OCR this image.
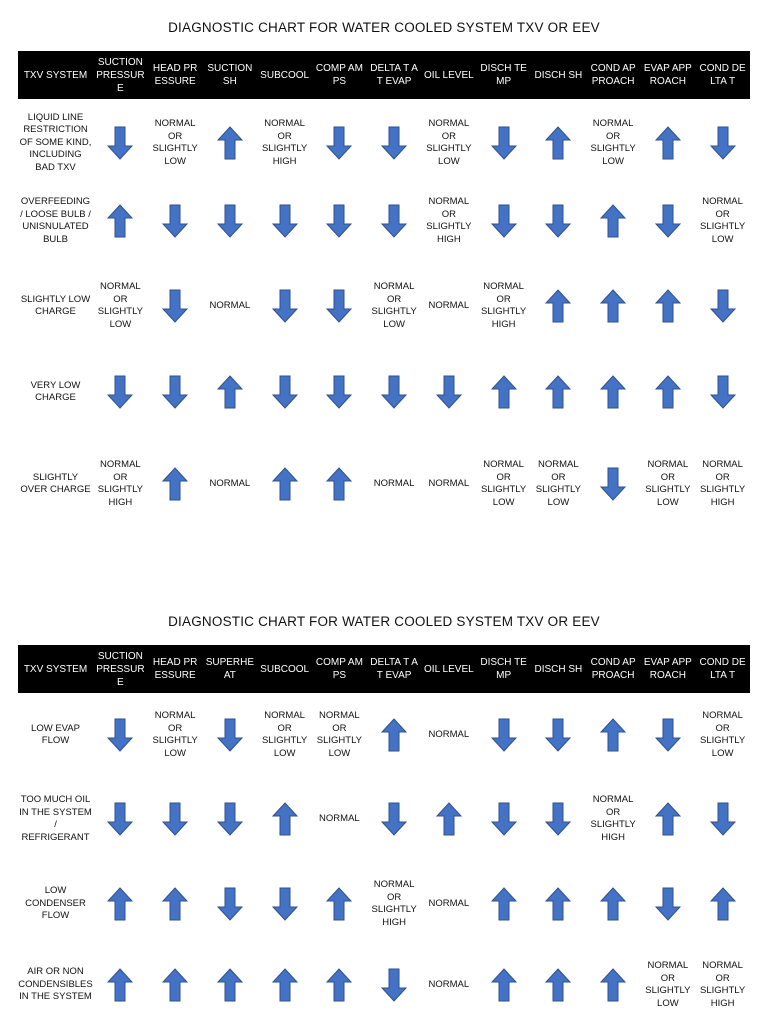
DIAGNOSTIC CHART FOR WATER COOLED SYSTEM TXV OR EEV
TXV SYSTEM
SUCTION PRESSURE
HEAD PRESSURE
SUCTION SH
SUBCOOL
COMP AMPS
DELTA T AT EVAP
OIL LEVEL
DISCH TEMP
DISCH SH
COND APPROACH
EVAP APPROACH
COND DELTA T
LIQUID LINE RESTRICTION OF SOME KIND, INCLUDING BAD TXV
NORMAL OR SLIGHTLY LOW
NORMAL OR SLIGHTLY HIGH
NORMAL OR SLIGHTLY LOW
NORMAL OR SLIGHTLY LOW
OVERFEEDING / LOOSE BULB / UNISNULATED BULB
NORMAL OR SLIGHTLY HIGH
NORMAL OR SLIGHTLY LOW
SLIGHTLY LOW CHARGE
NORMAL OR SLIGHTLY LOW
NORMAL
NORMAL OR SLIGHTLY LOW
NORMAL
NORMAL OR SLIGHTLY HIGH
VERY LOW CHARGE
SLIGHTLY OVER CHARGE
NORMAL OR SLIGHTLY HIGH
NORMAL	NORMAL	NORMAL
NORMAL OR SLIGHTLY LOW
NORMAL OR SLIGHTLY LOW
NORMAL OR SLIGHTLY LOW
NORMAL OR SLIGHTLY HIGH
DIAGNOSTIC CHART FOR WATER COOLED SYSTEM TXV OR EEV
TXV SYSTEM
SUCTION PRESSURE
HEAD PRESSURE
SUPERHEAT
SUBCOOL
COMP AMPS
DELTA T AT EVAP
OIL LEVEL
DISCH TEMP
DISCH SH
COND APPROACH
EVAP APPROACH
COND DELTA T
LOW EVAP FLOW
NORMAL OR SLIGHTLY LOW
NORMAL OR SLIGHTLY LOW
NORMAL OR SLIGHTLY LOW
NORMAL
NORMAL OR SLIGHTLY LOW
TOO MUCH OIL IN THE SYSTEM / REFRIGERANT
NORMAL
NORMAL OR SLIGHTLY HIGH
LOW CONDENSER FLOW
NORMAL OR SLIGHTLY HIGH
NORMAL
AIR OR NON CONDENSIBLES IN THE SYSTEM
NORMAL
NORMAL OR SLIGHTLY LOW
NORMAL OR SLIGHTLY HIGH
